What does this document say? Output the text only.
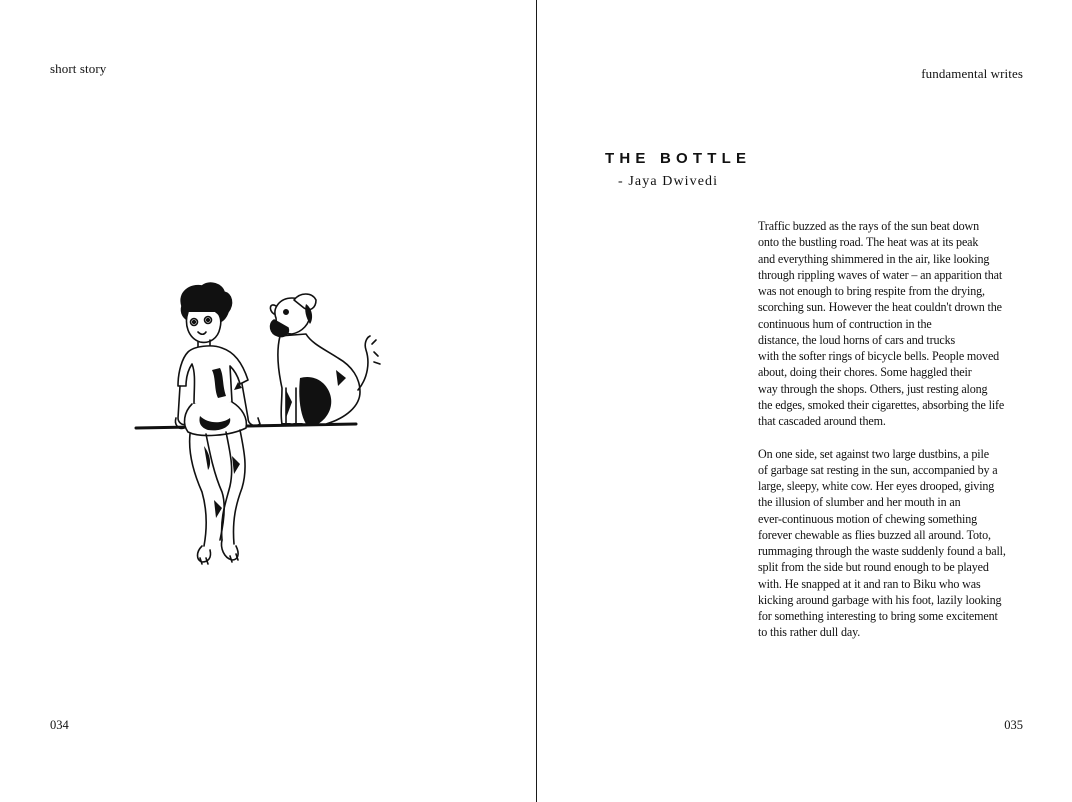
short story
034
fundamental writes
THE BOTTLE
- Jaya Dwivedi
Traffic buzzed as the rays of the sun beat down
onto the bustling road. The heat was at its peak
and everything shimmered in the air, like looking
through rippling waves of water – an apparition that
was not enough to bring respite from the drying,
scorching sun. However the heat couldn't drown the
continuous hum of contruction in the
distance, the loud horns of cars and trucks
with the softer rings of bicycle bells. People moved
about, doing their chores. Some haggled their
way through the shops. Others, just resting along
the edges, smoked their cigarettes, absorbing the life
that cascaded around them.
On one side, set against two large dustbins, a pile
of garbage sat resting in the sun, accompanied by a
large, sleepy, white cow. Her eyes drooped, giving
the illusion of slumber and her mouth in an
ever-continuous motion of chewing something
forever chewable as flies buzzed all around. Toto,
rummaging through the waste suddenly found a ball,
split from the side but round enough to be played
with. He snapped at it and ran to Biku who was
kicking around garbage with his foot, lazily looking
for something interesting to bring some excitement
to this rather dull day.
035
